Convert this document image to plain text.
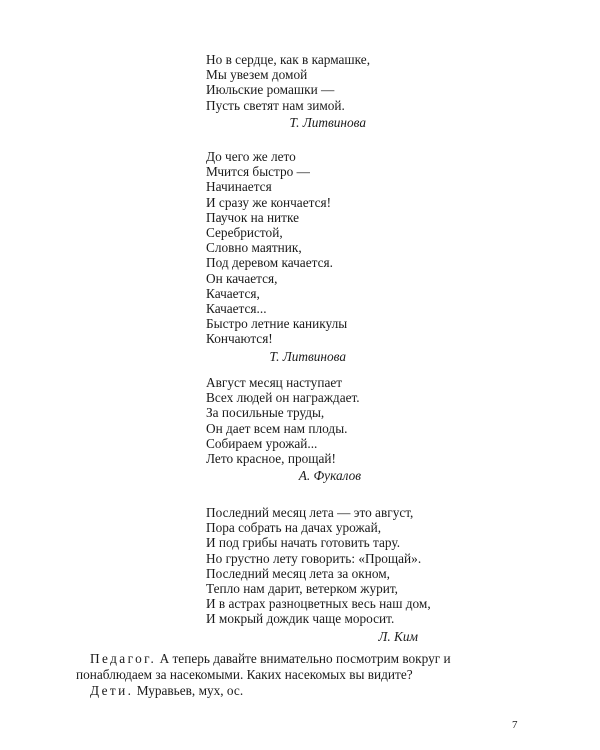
Но в сердце, как в кармашке,
Мы увезем домой
Июльские ромашки —
Пусть светят нам зимой.
Т. Литвинова
До чего же лето
Мчится быстро —
Начинается
И сразу же кончается!
Паучок на нитке
Серебристой,
Словно маятник,
Под деревом качается.
Он качается,
Качается,
Качается...
Быстро летние каникулы
Кончаются!
Т. Литвинова
Август месяц наступает
Всех людей он награждает.
За посильные труды,
Он дает всем нам плоды.
Собираем урожай...
Лето красное, прощай!
А. Фукалов
Последний месяц лета — это август,
Пора собрать на дачах урожай,
И под грибы начать готовить тару.
Но грустно лету говорить: «Прощай».
Последний месяц лета за окном,
Тепло нам дарит, ветерком журит,
И в астрах разноцветных весь наш дом,
И мокрый дождик чаще моросит.
Л. Ким

Педагог. А теперь давайте внимательно посмотрим вокруг и понаблюдаем за насекомыми. Каких насекомых вы видите?

Дети. Муравьев, мух, ос.

7
